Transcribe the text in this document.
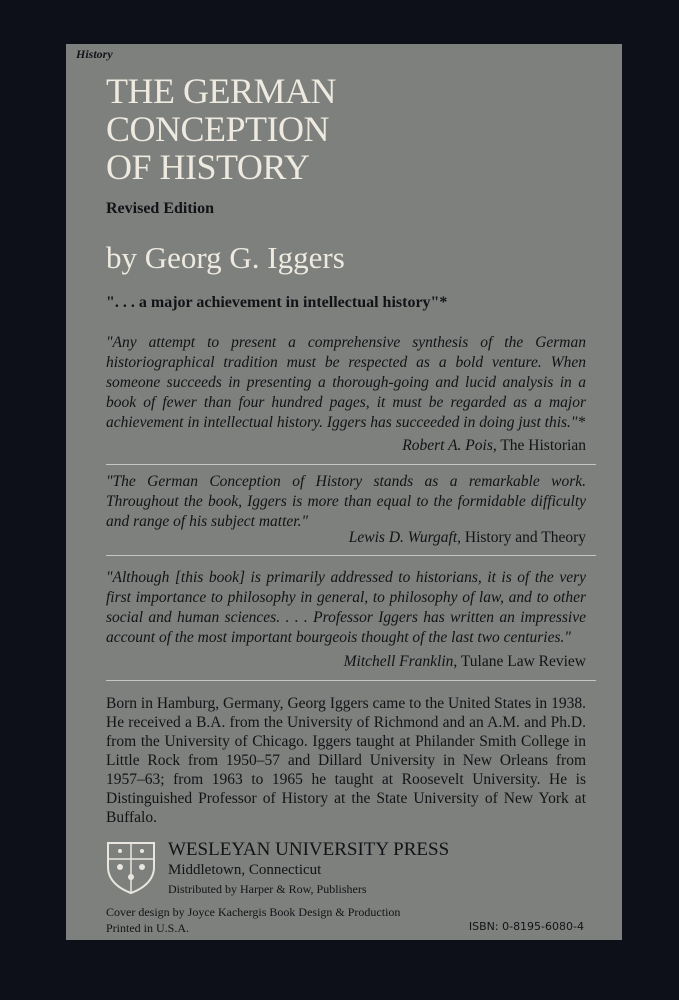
History
THE GERMAN
CONCEPTION
OF HISTORY
Revised Edition
by Georg G. Iggers
". . . a major achievement in intellectual history"*
"Any attempt to present a comprehensive synthesis of the German historiographical tradition must be respected as a bold venture. When someone succeeds in presenting a thorough-going and lucid analysis in a book of fewer than four hundred pages, it must be regarded as a major achievement in intellectual history. Iggers has succeeded in doing just this."*
Robert A. Pois, The Historian
"The German Conception of History stands as a remarkable work. Throughout the book, Iggers is more than equal to the formidable difficulty and range of his subject matter."
Lewis D. Wurgaft, History and Theory
"Although [this book] is primarily addressed to historians, it is of the very first importance to philosophy in general, to philosophy of law, and to other social and human sciences. . . . Professor Iggers has written an impressive account of the most important bourgeois thought of the last two centuries."
Mitchell Franklin, Tulane Law Review
Born in Hamburg, Germany, Georg Iggers came to the United States in 1938. He received a B.A. from the University of Richmond and an A.M. and Ph.D. from the University of Chicago. Iggers taught at Philander Smith College in Little Rock from 1950–57 and Dillard University in New Orleans from 1957–63; from 1963 to 1965 he taught at Roosevelt University. He is Distinguished Professor of History at the State University of New York at Buffalo.
WESLEYAN UNIVERSITY PRESS
Middletown, Connecticut
Distributed by Harper & Row, Publishers
Cover design by Joyce Kachergis Book Design & Production
Printed in U.S.A.	ISBN: 0-8195-6080-4
